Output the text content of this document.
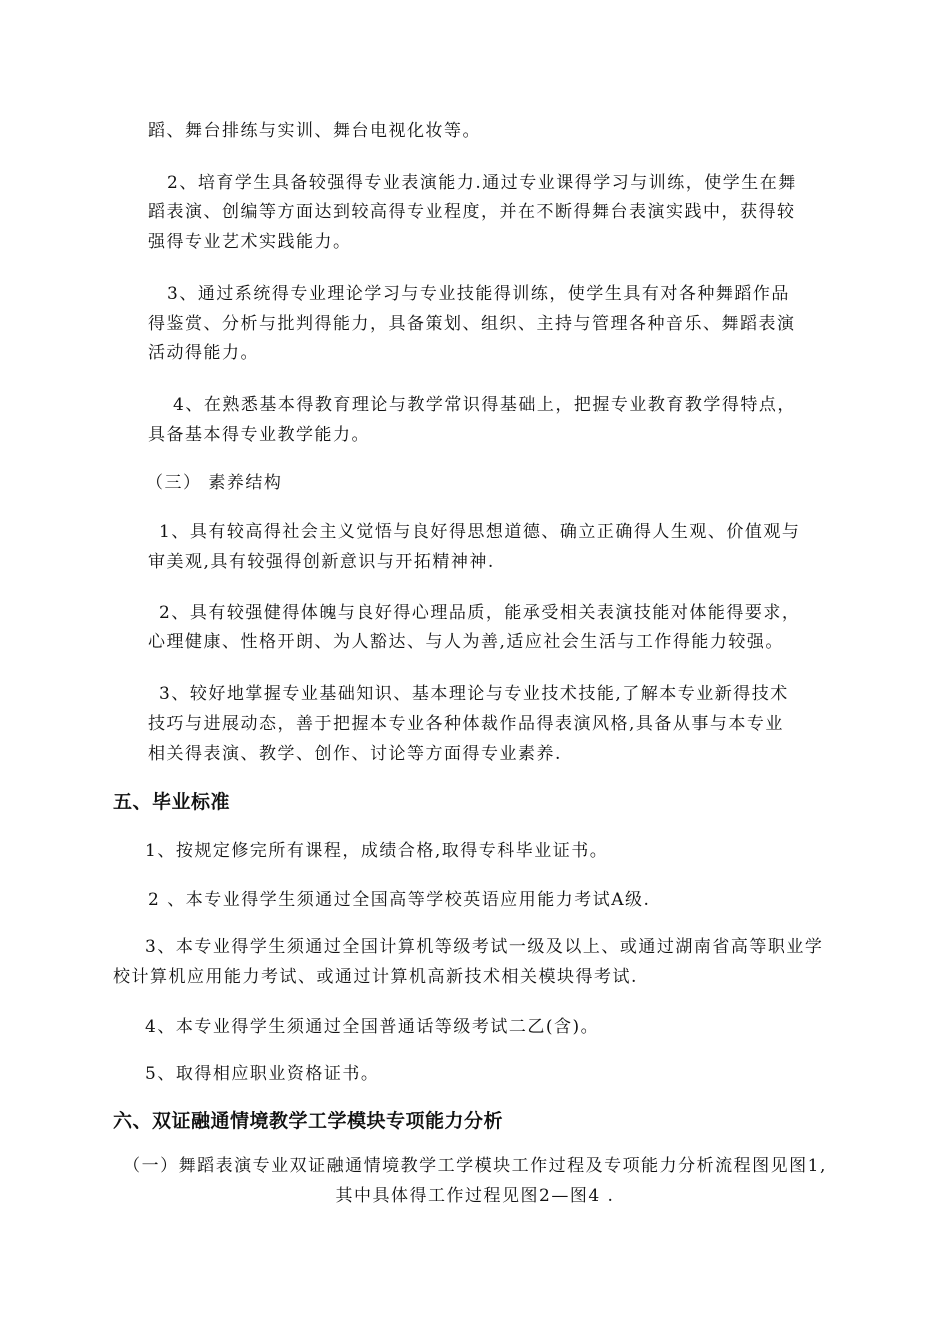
蹈、舞台排练与实训、舞台电视化妆等。
2、培育学生具备较强得专业表演能力.通过专业课得学习与训练，使学生在舞
蹈表演、创编等方面达到较高得专业程度，并在不断得舞台表演实践中，获得较
强得专业艺术实践能力。
3、通过系统得专业理论学习与专业技能得训练，使学生具有对各种舞蹈作品
得鉴赏、分析与批判得能力，具备策划、组织、主持与管理各种音乐、舞蹈表演
活动得能力。
4、在熟悉基本得教育理论与教学常识得基础上，把握专业教育教学得特点，
具备基本得专业教学能力。
（三） 素养结构
1、具有较高得社会主义觉悟与良好得思想道德、确立正确得人生观、价值观与
审美观,具有较强得创新意识与开拓精神神.
2、具有较强健得体魄与良好得心理品质，能承受相关表演技能对体能得要求，
心理健康、性格开朗、为人豁达、与人为善,适应社会生活与工作得能力较强。
3、较好地掌握专业基础知识、基本理论与专业技术技能,了解本专业新得技术
技巧与进展动态，善于把握本专业各种体裁作品得表演风格,具备从事与本专业
相关得表演、教学、创作、讨论等方面得专业素养.
五、毕业标准
1、按规定修完所有课程，成绩合格,取得专科毕业证书。
2 、本专业得学生须通过全国高等学校英语应用能力考试A级.
3、本专业得学生须通过全国计算机等级考试一级及以上、或通过湖南省高等职业学
校计算机应用能力考试、或通过计算机高新技术相关模块得考试.
4、本专业得学生须通过全国普通话等级考试二乙(含)。
5、取得相应职业资格证书。
六、双证融通情境教学工学模块专项能力分析
（一）舞蹈表演专业双证融通情境教学工学模块工作过程及专项能力分析流程图见图1,
其中具体得工作过程见图2—图4 .
